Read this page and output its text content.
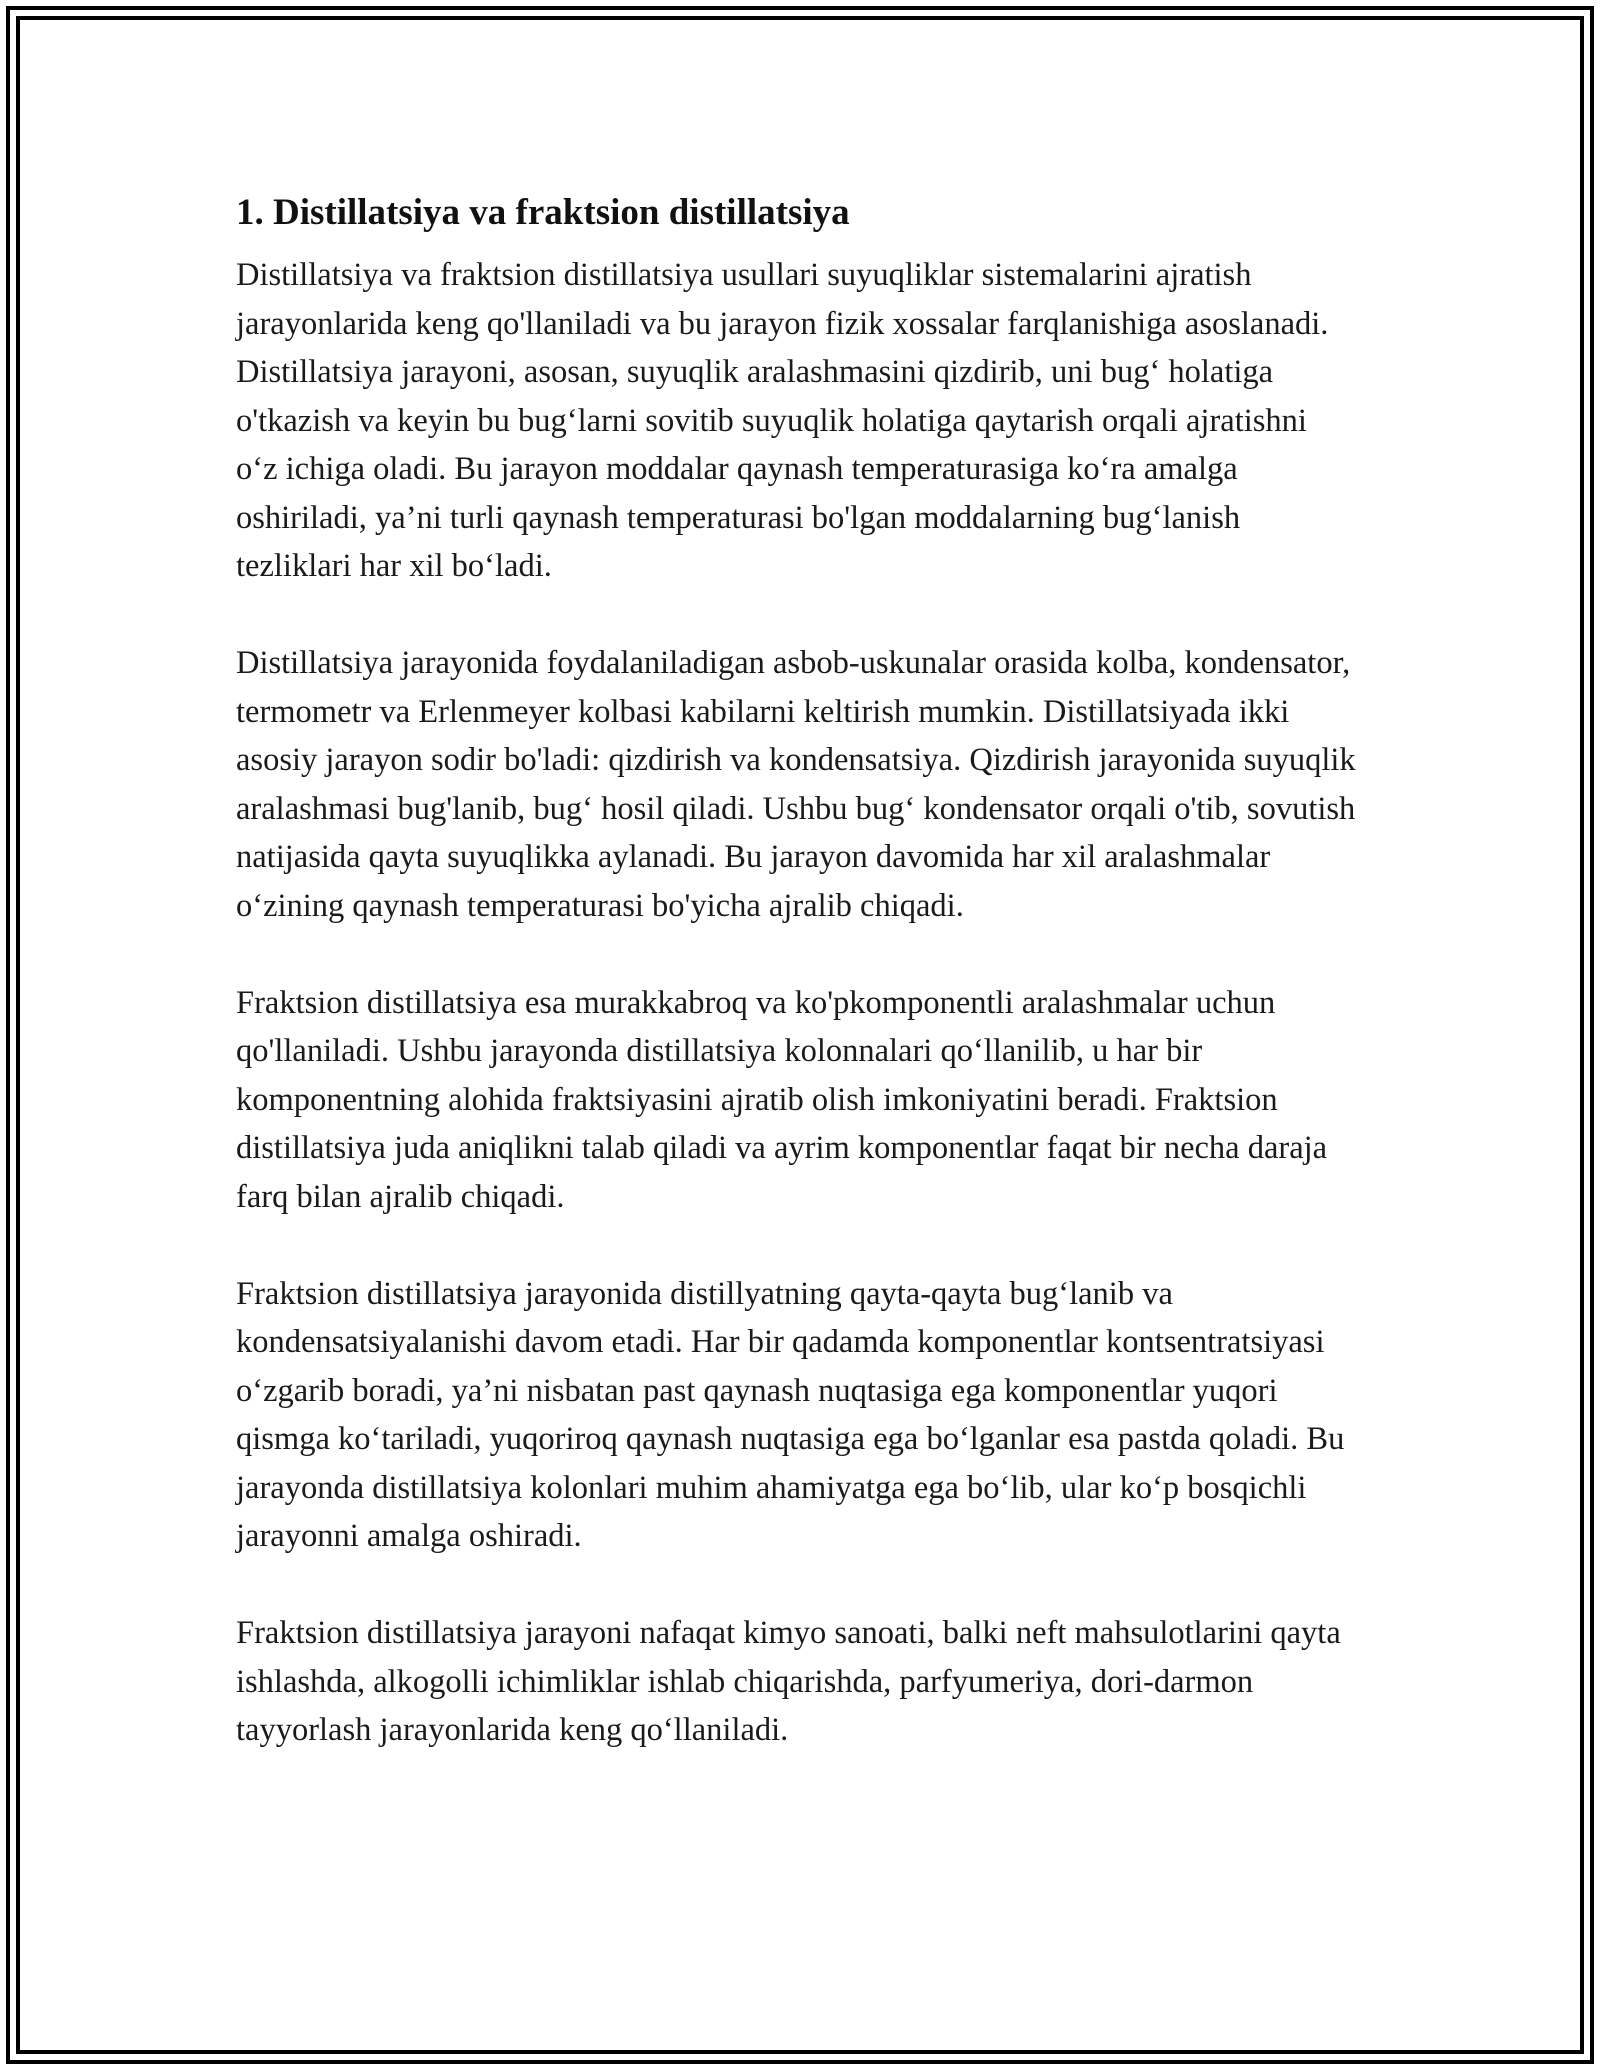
1. Distillatsiya va fraktsion distillatsiya

Distillatsiya va fraktsion distillatsiya usullari suyuqliklar sistemalarini ajratish jarayonlarida keng qo'llaniladi va bu jarayon fizik xossalar farqlanishiga asoslanadi. Distillatsiya jarayoni, asosan, suyuqlik aralashmasini qizdirib, uni bug‘ holatiga o'tkazish va keyin bu bug‘larni sovitib suyuqlik holatiga qaytarish orqali ajratishni o‘z ichiga oladi. Bu jarayon moddalar qaynash temperaturasiga ko‘ra amalga oshiriladi, ya’ni turli qaynash temperaturasi bo'lgan moddalarning bug‘lanish tezliklari har xil bo‘ladi.

Distillatsiya jarayonida foydalaniladigan asbob-uskunalar orasida kolba, kondensator, termometr va Erlenmeyer kolbasi kabilarni keltirish mumkin. Distillatsiyada ikki asosiy jarayon sodir bo'ladi: qizdirish va kondensatsiya. Qizdirish jarayonida suyuqlik aralashmasi bug'lanib, bug‘ hosil qiladi. Ushbu bug‘ kondensator orqali o'tib, sovutish natijasida qayta suyuqlikka aylanadi. Bu jarayon davomida har xil aralashmalar o‘zining qaynash temperaturasi bo'yicha ajralib chiqadi.

Fraktsion distillatsiya esa murakkabroq va ko'pkomponentli aralashmalar uchun qo'llaniladi. Ushbu jarayonda distillatsiya kolonnalari qo‘llanilib, u har bir komponentning alohida fraktsiyasini ajratib olish imkoniyatini beradi. Fraktsion distillatsiya juda aniqlikni talab qiladi va ayrim komponentlar faqat bir necha daraja farq bilan ajralib chiqadi.

Fraktsion distillatsiya jarayonida distillyatning qayta-qayta bug‘lanib va kondensatsiyalanishi davom etadi. Har bir qadamda komponentlar kontsentratsiyasi o‘zgarib boradi, ya’ni nisbatan past qaynash nuqtasiga ega komponentlar yuqori qismga ko‘tariladi, yuqoriroq qaynash nuqtasiga ega bo‘lganlar esa pastda qoladi. Bu jarayonda distillatsiya kolonlari muhim ahamiyatga ega bo‘lib, ular ko‘p bosqichli jarayonni amalga oshiradi.

Fraktsion distillatsiya jarayoni nafaqat kimyo sanoati, balki neft mahsulotlarini qayta ishlashda, alkogolli ichimliklar ishlab chiqarishda, parfyumeriya, dori-darmon tayyorlash jarayonlarida keng qo‘llaniladi.
